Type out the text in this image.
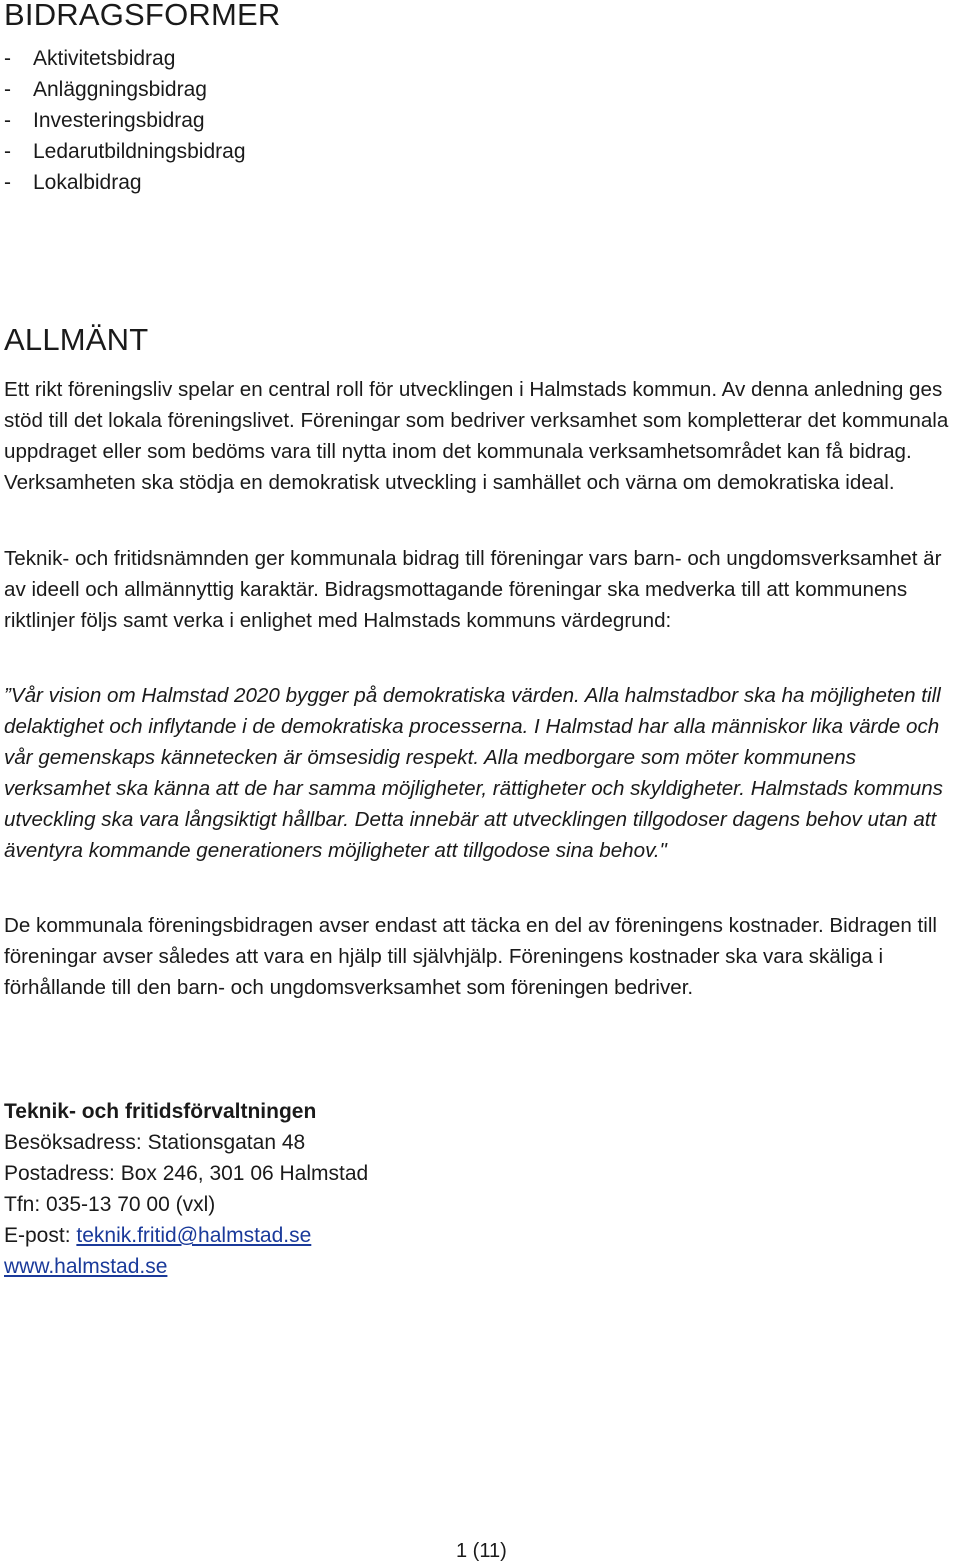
BIDRAGSFORMER
- Aktivitetsbidrag
- Anläggningsbidrag
- Investeringsbidrag
- Ledarutbildningsbidrag
- Lokalbidrag
ALLMÄNT

Ett rikt föreningsliv spelar en central roll för utvecklingen i Halmstads kommun. Av denna anledning ges stöd till det lokala föreningslivet. Föreningar som bedriver verksamhet som kompletterar det kommunala uppdraget eller som bedöms vara till nytta inom det kommunala verksamhetsområdet kan få bidrag. Verksamheten ska stödja en demokratisk utveckling i samhället och värna om demokratiska ideal.

Teknik- och fritidsnämnden ger kommunala bidrag till föreningar vars barn- och ungdomsverksamhet är av ideell och allmännyttig karaktär. Bidragsmottagande föreningar ska medverka till att kommunens riktlinjer följs samt verka i enlighet med Halmstads kommuns värdegrund:

”Vår vision om Halmstad 2020 bygger på demokratiska värden. Alla halmstadbor ska ha möjligheten till delaktighet och inflytande i de demokratiska processerna. I Halmstad har alla människor lika värde och vår gemenskaps kännetecken är ömsesidig respekt. Alla medborgare som möter kommunens verksamhet ska känna att de har samma möjligheter, rättigheter och skyldigheter. Halmstads kommuns utveckling ska vara långsiktigt hållbar. Detta innebär att utvecklingen tillgodoser dagens behov utan att äventyra kommande generationers möjligheter att tillgodose sina behov."

De kommunala föreningsbidragen avser endast att täcka en del av föreningens kostnader. Bidragen till föreningar avser således att vara en hjälp till självhjälp. Föreningens kostnader ska vara skäliga i förhållande till den barn- och ungdomsverksamhet som föreningen bedriver.

Teknik- och fritidsförvaltningen
Besöksadress: Stationsgatan 48
Postadress: Box 246, 301 06 Halmstad
Tfn: 035-13 70 00 (vxl)
E-post: teknik.fritid@halmstad.se
www.halmstad.se
1 (11)
